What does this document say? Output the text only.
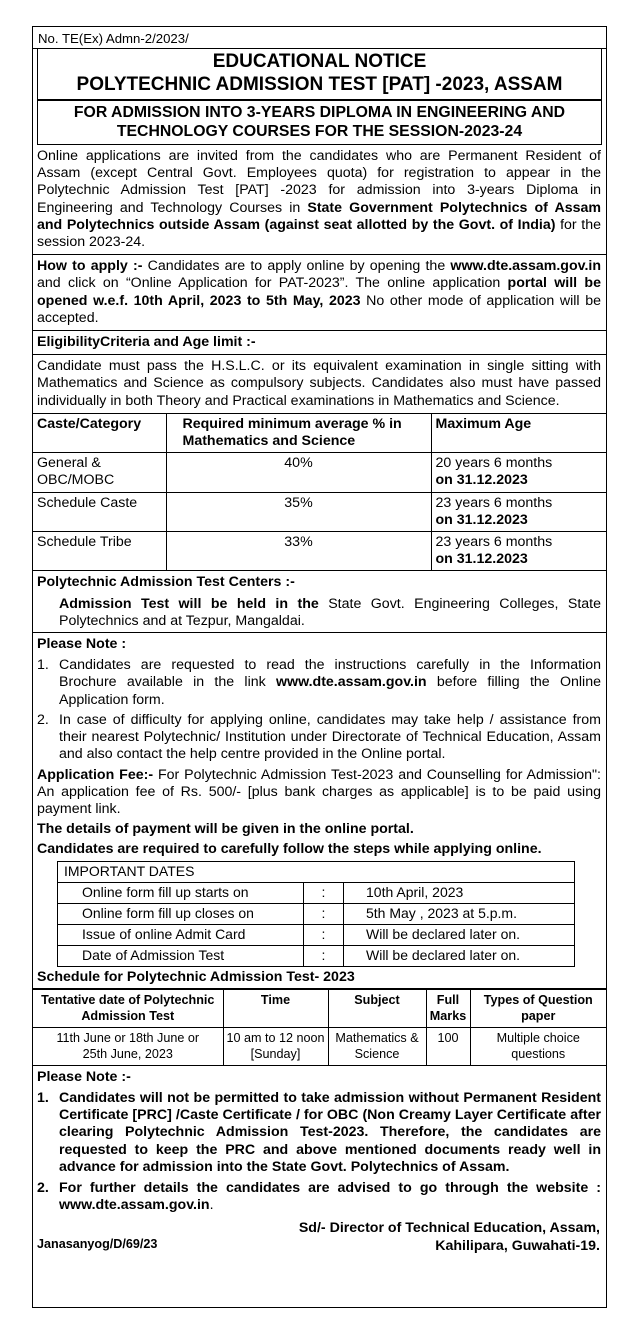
No. TE(Ex) Admn-2/2023/
EDUCATIONAL NOTICE
POLYTECHNIC ADMISSION TEST [PAT] -2023, ASSAM
FOR ADMISSION INTO 3-YEARS DIPLOMA IN ENGINEERING AND TECHNOLOGY COURSES FOR THE SESSION-2023-24

Online applications are invited from the candidates who are Permanent Resident of Assam (except Central Govt. Employees quota) for registration to appear in the Polytechnic Admission Test [PAT] -2023 for admission into 3-years Diploma in Engineering and Technology Courses in State Government Polytechnics of Assam and Polytechnics outside Assam (against seat allotted by the Govt. of India) for the session 2023-24.

How to apply :- Candidates are to apply online by opening the www.dte.assam.gov.in and click on “Online Application for PAT-2023”. The online application portal will be opened w.e.f. 10th April, 2023 to 5th May, 2023 No other mode of application will be accepted.

EligibilityCriteria and Age limit :-

Candidate must pass the H.S.L.C. or its equivalent examination in single sitting with Mathematics and Science as compulsory subjects. Candidates also must have passed individually in both Theory and Practical examinations in Mathematics and Science.

Caste/Category	Required minimum average % in Mathematics and Science	Maximum Age
General & OBC/MOBC	40%	20 years 6 months
on 31.12.2023
Schedule Caste	35%	23 years 6 months
on 31.12.2023
Schedule Tribe	33%	23 years 6 months
on 31.12.2023
Polytechnic Admission Test Centers :-

Admission Test will be held in the State Govt. Engineering Colleges, State Polytechnics and at Tezpur, Mangaldai.

Please Note :
1. Candidates are requested to read the instructions carefully in the Information Brochure available in the link www.dte.assam.gov.in before filling the Online Application form.
2. In case of difficulty for applying online, candidates may take help / assistance from their nearest Polytechnic/ Institution under Directorate of Technical Education, Assam and also contact the help centre provided in the Online portal.

Application Fee:- For Polytechnic Admission Test-2023 and Counselling for Admission": An application fee of Rs. 500/- [plus bank charges as applicable] is to be paid using payment link.

The details of payment will be given in the online portal.
Candidates are required to carefully follow the steps while applying online.
IMPORTANT DATES		
Online form fill up starts on	:	10th April, 2023
Online form fill up closes on	:	5th May , 2023 at 5.p.m.
Issue of online Admit Card	:	Will be declared later on.
Date of Admission Test	:	Will be declared later on.
Schedule for Polytechnic Admission Test- 2023
Tentative date of Polytechnic Admission Test	Time	Subject	Full Marks	Types of Question paper
11th June or 18th June or 25th June, 2023	10 am to 12 noon [Sunday]	Mathematics & Science	100	Multiple choice questions
Please Note :-
1. Candidates will not be permitted to take admission without Permanent Resident Certificate [PRC] /Caste Certificate / for OBC (Non Creamy Layer Certificate after clearing Polytechnic Admission Test-2023. Therefore, the candidates are requested to keep the PRC and above mentioned documents ready well in advance for admission into the State Govt. Polytechnics of Assam.
2. For further details the candidates are advised to go through the website : www.dte.assam.gov.in.
Janasanyog/D/69/23
Sd/- Director of Technical Education, Assam,
Kahilipara, Guwahati-19.
